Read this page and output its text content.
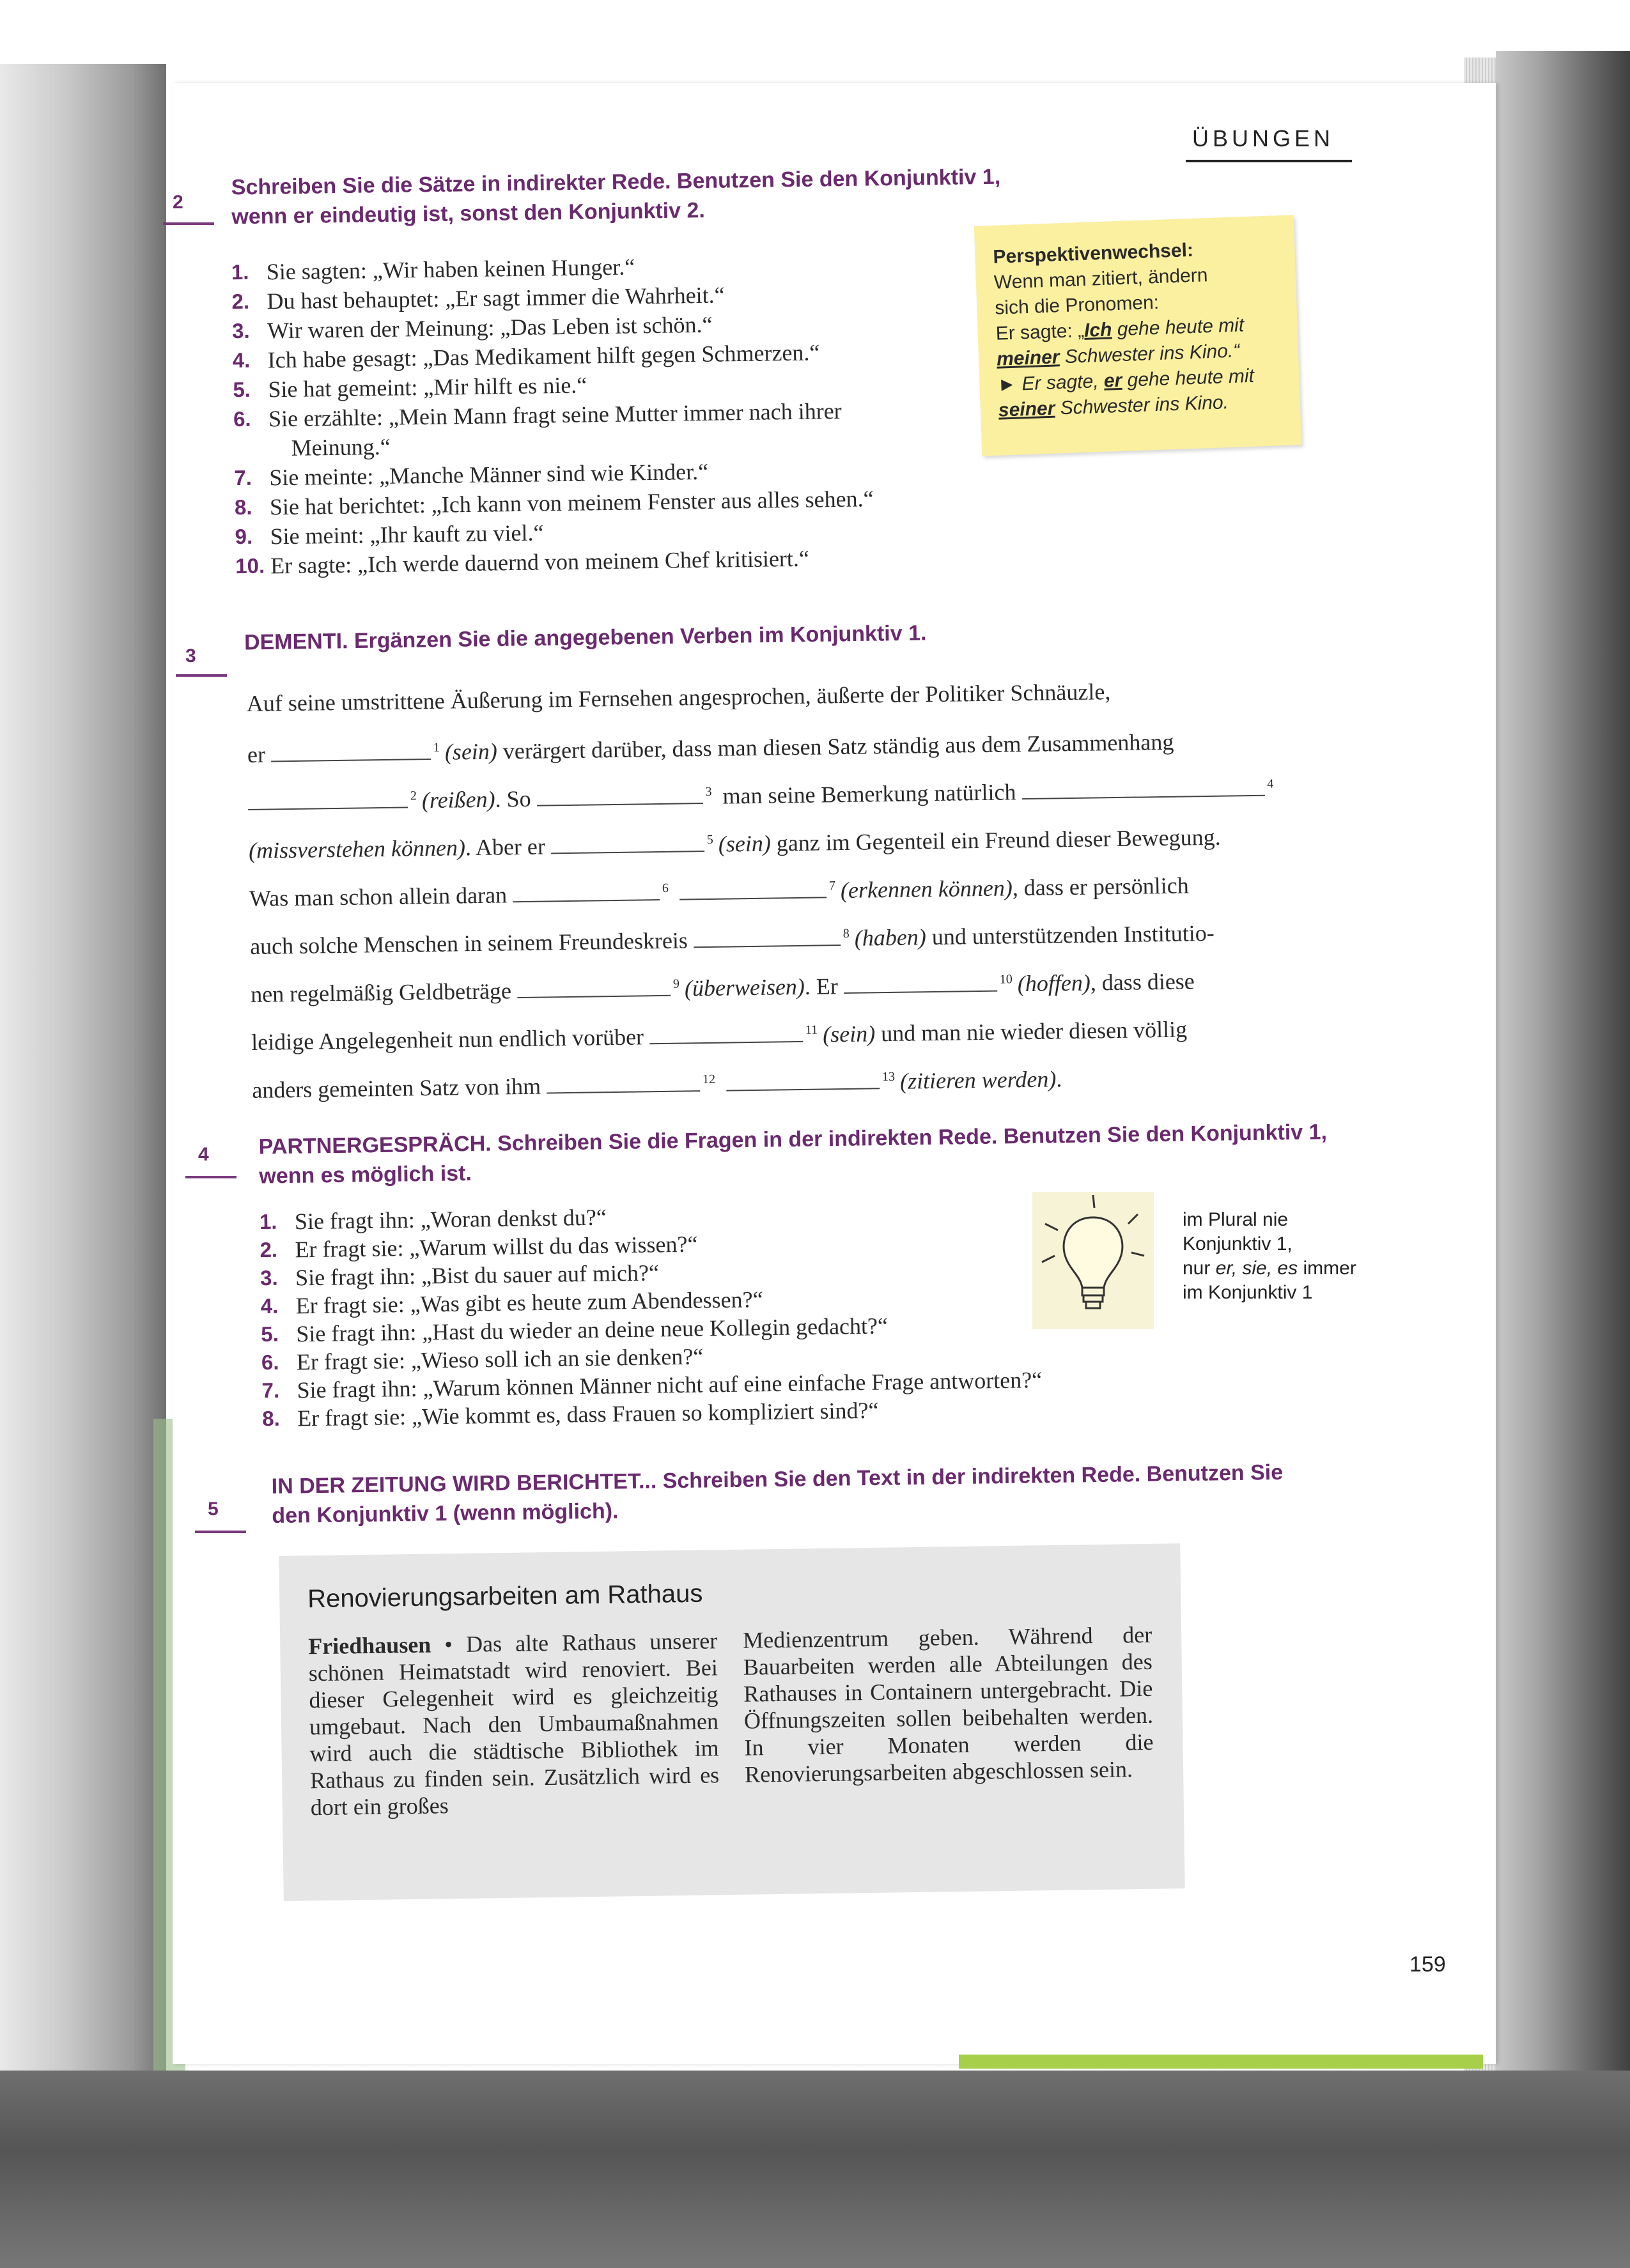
ÜBUNGEN
2
Schreiben Sie die Sätze in indirekter Rede. Benutzen Sie den Konjunktiv 1,
wenn er eindeutig ist, sonst den Konjunktiv 2.
1. Sie sagten: „Wir haben keinen Hunger.“
2. Du hast behauptet: „Er sagt immer die Wahrheit.“
3. Wir waren der Meinung: „Das Leben ist schön.“
4. Ich habe gesagt: „Das Medikament hilft gegen Schmerzen.“
5. Sie hat gemeint: „Mir hilft es nie.“
6. Sie erzählte: „Mein Mann fragt seine Mutter immer nach ihrer
Meinung.“
7. Sie meinte: „Manche Männer sind wie Kinder.“
8. Sie hat berichtet: „Ich kann von meinem Fenster aus alles sehen.“
9. Sie meint: „Ihr kauft zu viel.“
10. Er sagte: „Ich werde dauernd von meinem Chef kritisiert.“
Perspektivenwechsel:
Wenn man zitiert, ändern
sich die Pronomen:
Er sagte: „Ich gehe heute mit
meiner Schwester ins Kino.“
► Er sagte, er gehe heute mit
seiner Schwester ins Kino.
3
DEMENTI. Ergänzen Sie die angegebenen Verben im Konjunktiv 1.
Auf seine umstrittene Äußerung im Fernsehen angesprochen, äußerte der Politiker Schnäuzle,
er	$^1$ (sein) verärgert darüber, dass man diesen Satz ständig aus dem Zusammenhang
$^2$ (reißen). So	$^3$ man seine Bemerkung natürlich	$^4$
(missverstehen können). Aber er	$^5$ (sein) ganz im Gegenteil ein Freund dieser Bewegung.
Was man schon allein daran	$^6$	$^7$ (erkennen können), dass er persönlich
auch solche Menschen in seinem Freundeskreis	$^8$ (haben) und unterstützenden Institutio-
nen regelmäßig Geldbeträge	$^9$ (überweisen). Er	$^{10}$ (hoffen), dass diese
leidige Angelegenheit nun endlich vorüber	$^{11}$ (sein) und man nie wieder diesen völlig
anders gemeinten Satz von ihm	$^{12}$	$^{13}$ (zitieren werden).
4 PARTNERGESPRÄCH. Schreiben Sie die Fragen in der indirekten Rede. Benutzen Sie den Konjunktiv 1,
wenn es möglich ist.
1. Sie fragt ihn: „Woran denkst du?“
2. Er fragt sie: „Warum willst du das wissen?“
3. Sie fragt ihn: „Bist du sauer auf mich?“
4. Er fragt sie: „Was gibt es heute zum Abendessen?“
5. Sie fragt ihn: „Hast du wieder an deine neue Kollegin gedacht?“
6. Er fragt sie: „Wieso soll ich an sie denken?“
7. Sie fragt ihn: „Warum können Männer nicht auf eine einfache Frage antworten?“
8. Er fragt sie: „Wie kommt es, dass Frauen so kompliziert sind?“
im Plural nie
Konjunktiv 1,
nur er, sie, es immer
im Konjunktiv 1
5
IN DER ZEITUNG WIRD BERICHTET... Schreiben Sie den Text in der indirekten Rede. Benutzen Sie
den Konjunktiv 1 (wenn möglich).
Renovierungsarbeiten am Rathaus
Friedhausen • Das alte Rathaus unserer schönen Heimatstadt wird renoviert. Bei dieser Gelegenheit wird es gleichzeitig umgebaut. Nach den Umbaumaßnahmen wird auch die städtische Bibliothek im Rathaus zu finden sein. Zusätzlich wird es dort ein großes
Medienzentrum geben. Während der Bauarbeiten werden alle Abteilungen des Rathauses in Containern untergebracht. Die Öffnungszeiten sollen beibehalten werden. In vier Monaten werden die Renovierungsarbeiten abgeschlossen sein.
159
